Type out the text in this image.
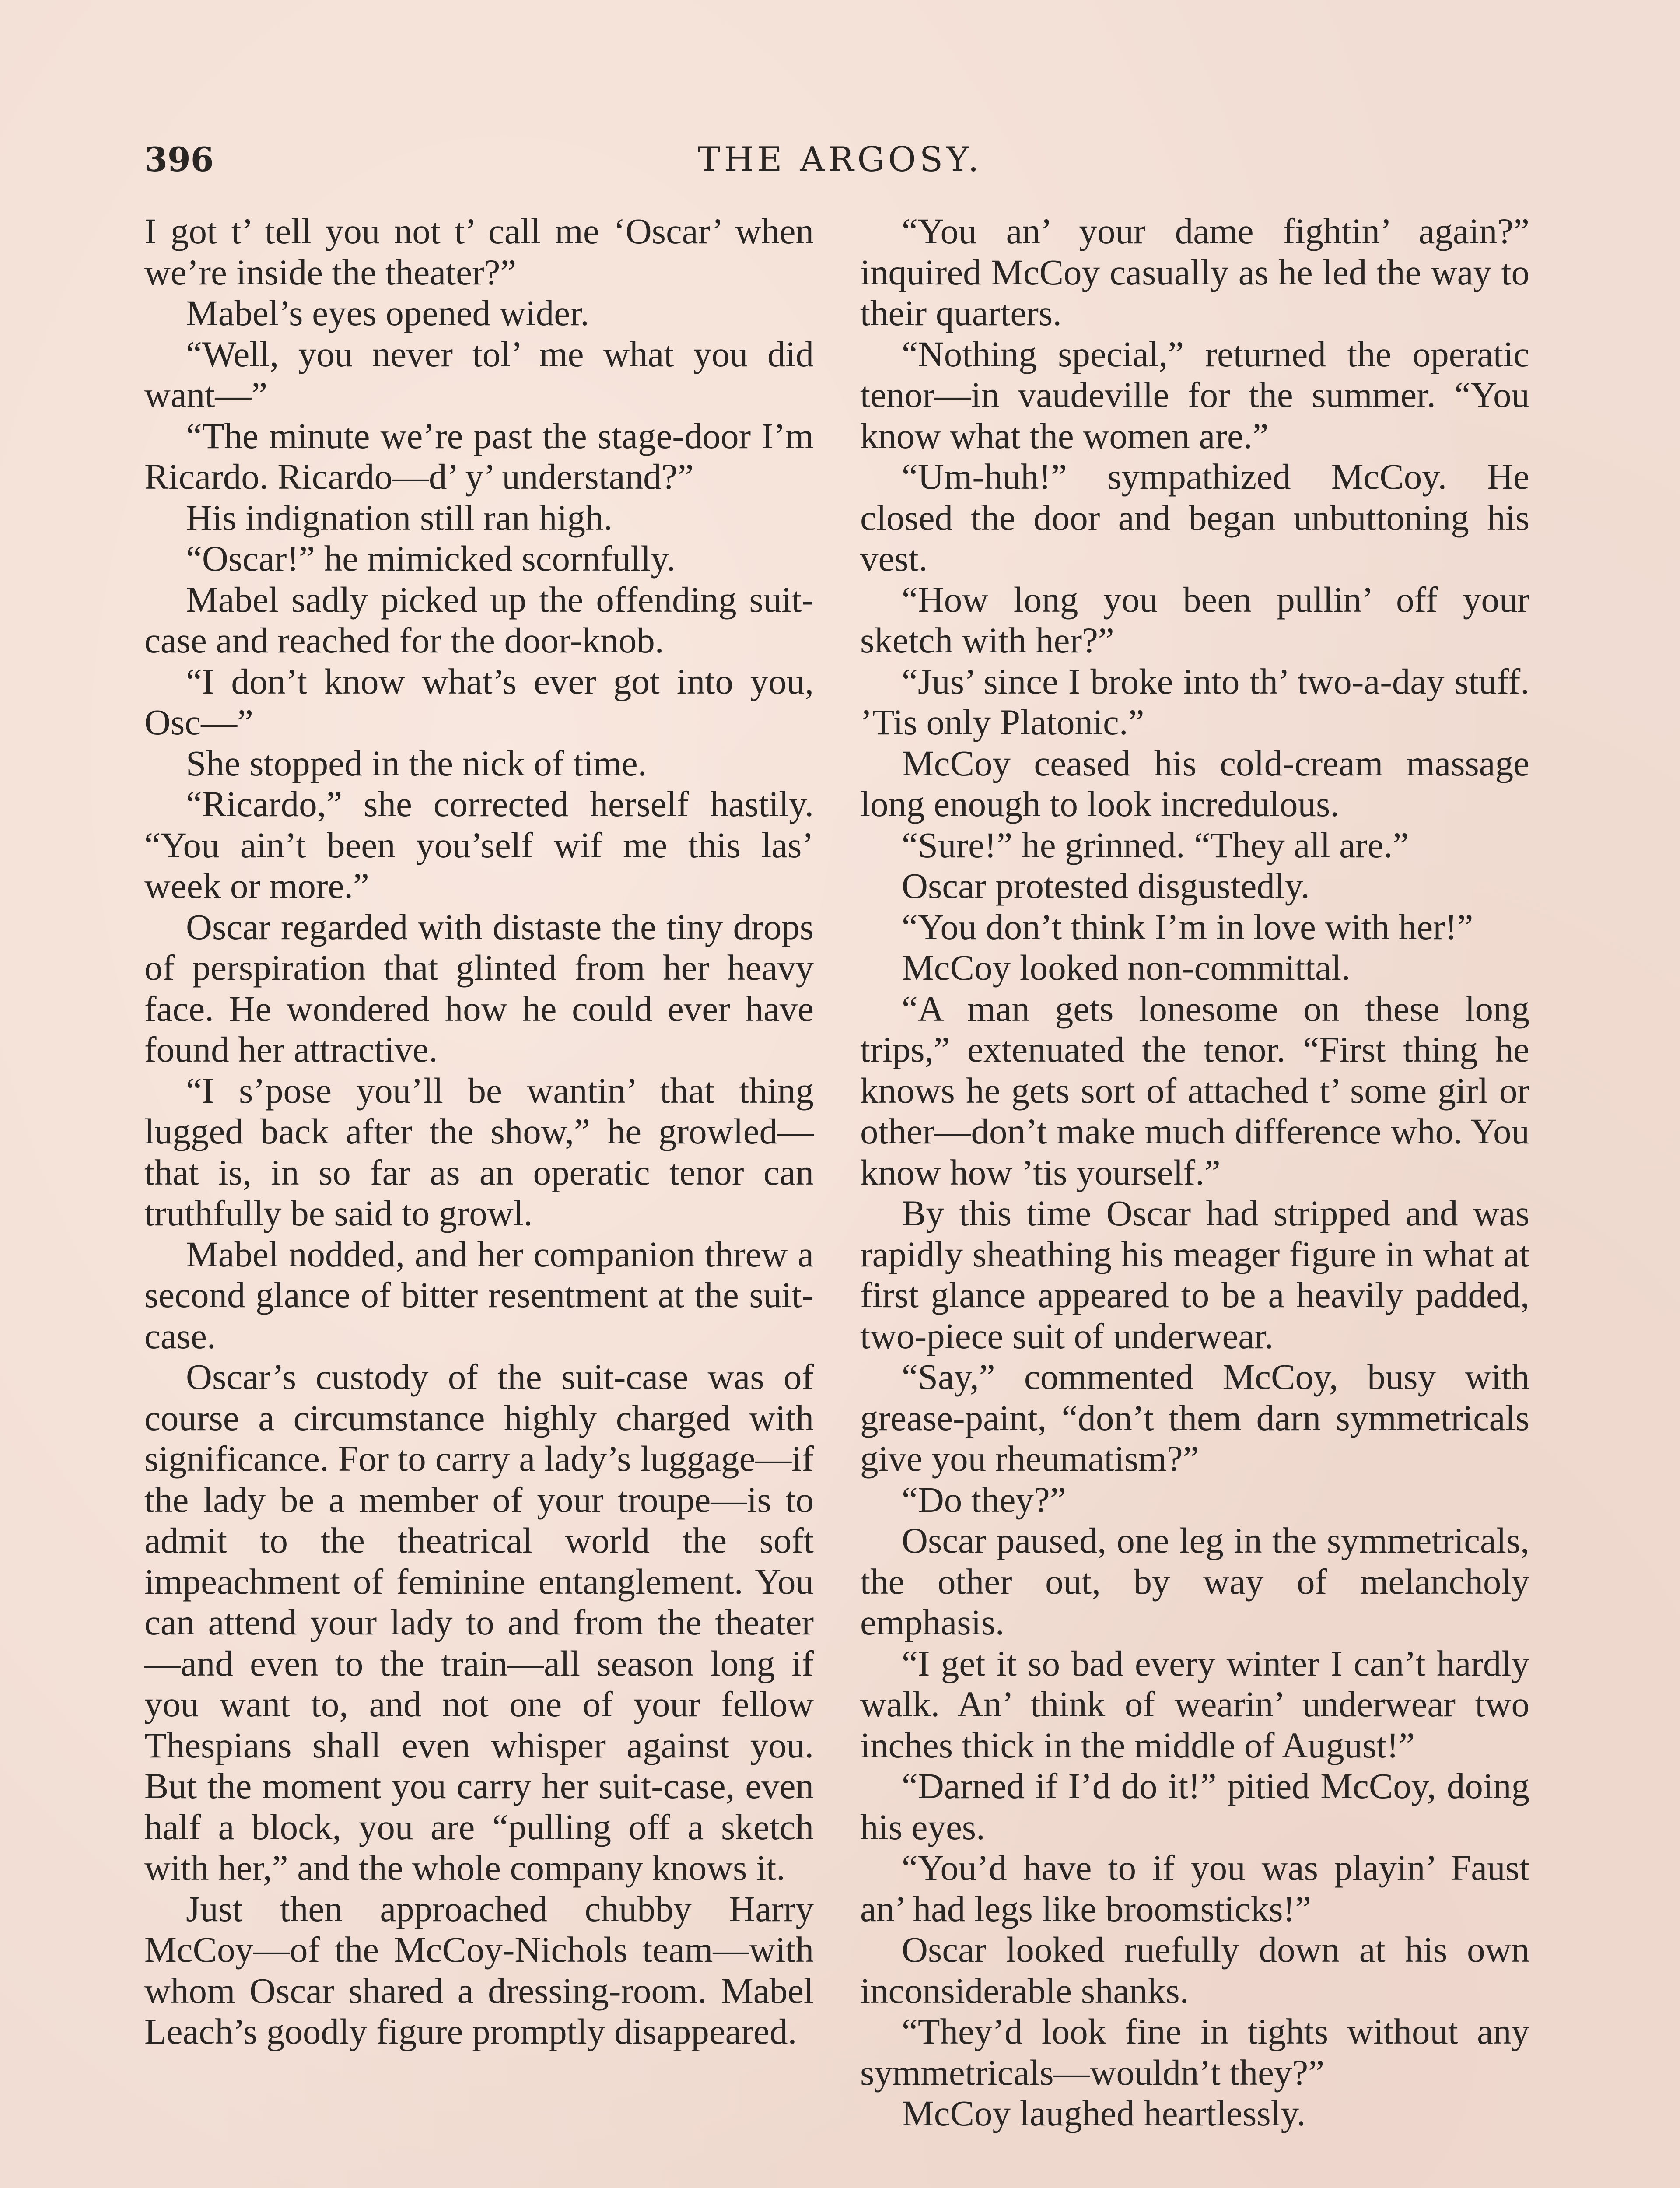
396	THE ARGOSY.

I got t’ tell you not t’ call me ‘Oscar’ when we’re inside the theater?”

Mabel’s eyes opened wider.

“Well, you never tol’ me what you did want—”

“The minute we’re past the stage-door I’m Ricardo. Ricardo—d’ y’ understand?”

His indignation still ran high.

“Oscar!” he mimicked scornfully.

Mabel sadly picked up the offending suit-case and reached for the door-knob.

“I don’t know what’s ever got into you, Osc—”

She stopped in the nick of time.

“Ricardo,” she corrected herself hastily. “You ain’t been you’self wif me this las’ week or more.”

Oscar regarded with distaste the tiny drops of perspiration that glinted from her heavy face. He wondered how he could ever have found her attractive.

“I s’pose you’ll be wantin’ that thing lugged back after the show,” he growled—that is, in so far as an operatic tenor can truthfully be said to growl.

Mabel nodded, and her companion threw a second glance of bitter resentment at the suit-case.

Oscar’s custody of the suit-case was of course a circumstance highly charged with significance. For to carry a lady’s luggage—if the lady be a member of your troupe—is to admit to the theatrical world the soft impeachment of feminine entanglement. You can attend your lady to and from the theater—and even to the train—all season long if you want to, and not one of your fellow Thespians shall even whisper against you. But the moment you carry her suit-case, even half a block, you are “pulling off a sketch with her,” and the whole company knows it.

Just then approached chubby Harry McCoy—of the McCoy-Nichols team—with whom Oscar shared a dressing-room. Mabel Leach’s goodly figure promptly disappeared.

“You an’ your dame fightin’ again?” inquired McCoy casually as he led the way to their quarters.

“Nothing special,” returned the operatic tenor—in vaudeville for the summer. “You know what the women are.”

“Um-huh!” sympathized McCoy. He closed the door and began unbuttoning his vest.

“How long you been pullin’ off your sketch with her?”

“Jus’ since I broke into th’ two-a-day stuff. ’Tis only Platonic.”

McCoy ceased his cold-cream massage long enough to look incredulous.

“Sure!” he grinned. “They all are.”

Oscar protested disgustedly.

“You don’t think I’m in love with her!”

McCoy looked non-committal.

“A man gets lonesome on these long trips,” extenuated the tenor. “First thing he knows he gets sort of attached t’ some girl or other—don’t make much difference who. You know how ’tis yourself.”

By this time Oscar had stripped and was rapidly sheathing his meager figure in what at first glance appeared to be a heavily padded, two-piece suit of underwear.

“Say,” commented McCoy, busy with grease-paint, “don’t them darn symmetricals give you rheumatism?”

“Do they?”

Oscar paused, one leg in the symmetricals, the other out, by way of melancholy emphasis.

“I get it so bad every winter I can’t hardly walk. An’ think of wearin’ underwear two inches thick in the middle of August!”

“Darned if I’d do it!” pitied McCoy, doing his eyes.

“You’d have to if you was playin’ Faust an’ had legs like broomsticks!”

Oscar looked ruefully down at his own inconsiderable shanks.

“They’d look fine in tights without any symmetricals—wouldn’t they?”

McCoy laughed heartlessly.
